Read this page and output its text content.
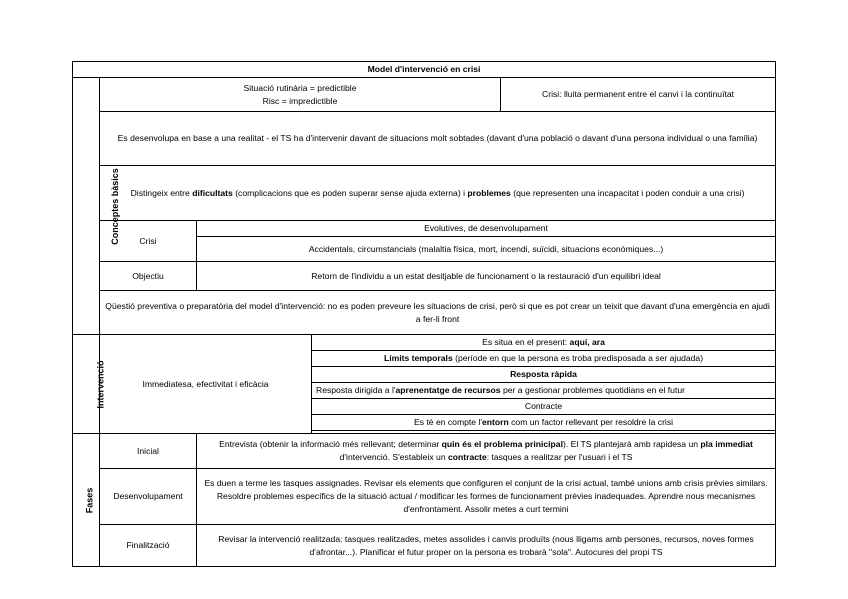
Model d'intervenció en crisi				
Conceptes bàsics	Situació rutinària = predictible
Risc = impredictible			Crisi: lluita permanent entre el canvi i la continuïtat
	Es desenvolupa en base a una realitat - el TS ha d'intervenir davant de situacions molt sobtades (davant d'una població o davant d'una persona individual o una família)			
	Distingeix entre dificultats (complicacions que es poden superar sense ajuda externa) i problemes (que representen una incapacitat i poden conduir a una crisi)			
	Crisi	Evolutives, de desenvolupament		
		Accidentals, circumstancials (malaltia física, mort, incendi, suïcidi, situacions econòmiques...)		
	Objectiu	Retorn de l'individu a un estat desitjable de funcionament o la restauració d'un equilibri ideal		
	Qüestió preventiva o preparatòria del model d'intervenció: no es poden preveure les situacions de crisi, però si que es pot crear un teixit que davant d'una emergència en ajudi a fer-li front			
Intervenció	Immediatesa, efectivitat i eficàcia		Es situa en el present: aquí, ara	
			Límits temporals (període en que la persona es troba predisposada a ser ajudada)	
			Resposta ràpida	
			Resposta dirigida a l'aprenentatge de recursos per a gestionar problemes quotidians en el futur	
			Contracte	
			Es té en compte l'entorn com un factor rellevant per resoldre la crisi	

Fases	Inicial	Entrevista (obtenir la informació més rellevant; determinar quin és el problema prinicipal). El TS plantejarà amb rapidesa un pla immediat d'intervenció. S'estableix un contracte: tasques a realitzar per l'usuari i el TS		
	Desenvolupament	Es duen a terme les tasques assignades. Revisar els elements que configuren el conjunt de la crisi actual, també unions amb crisis prèvies similars. Resoldre problemes específics de la situació actual / modificar les formes de funcionament prèvies inadequades. Aprendre nous mecanismes d'enfrontament. Assolir metes a curt termini		
	Finalització	Revisar la intervenció realitzada: tasques realitzades, metes assolides i canvis produïts (nous lligams amb persones, recursos, noves formes d'afrontar...). Planificar el futur proper on la persona es trobarà "sola". Autocures del propi TS		
